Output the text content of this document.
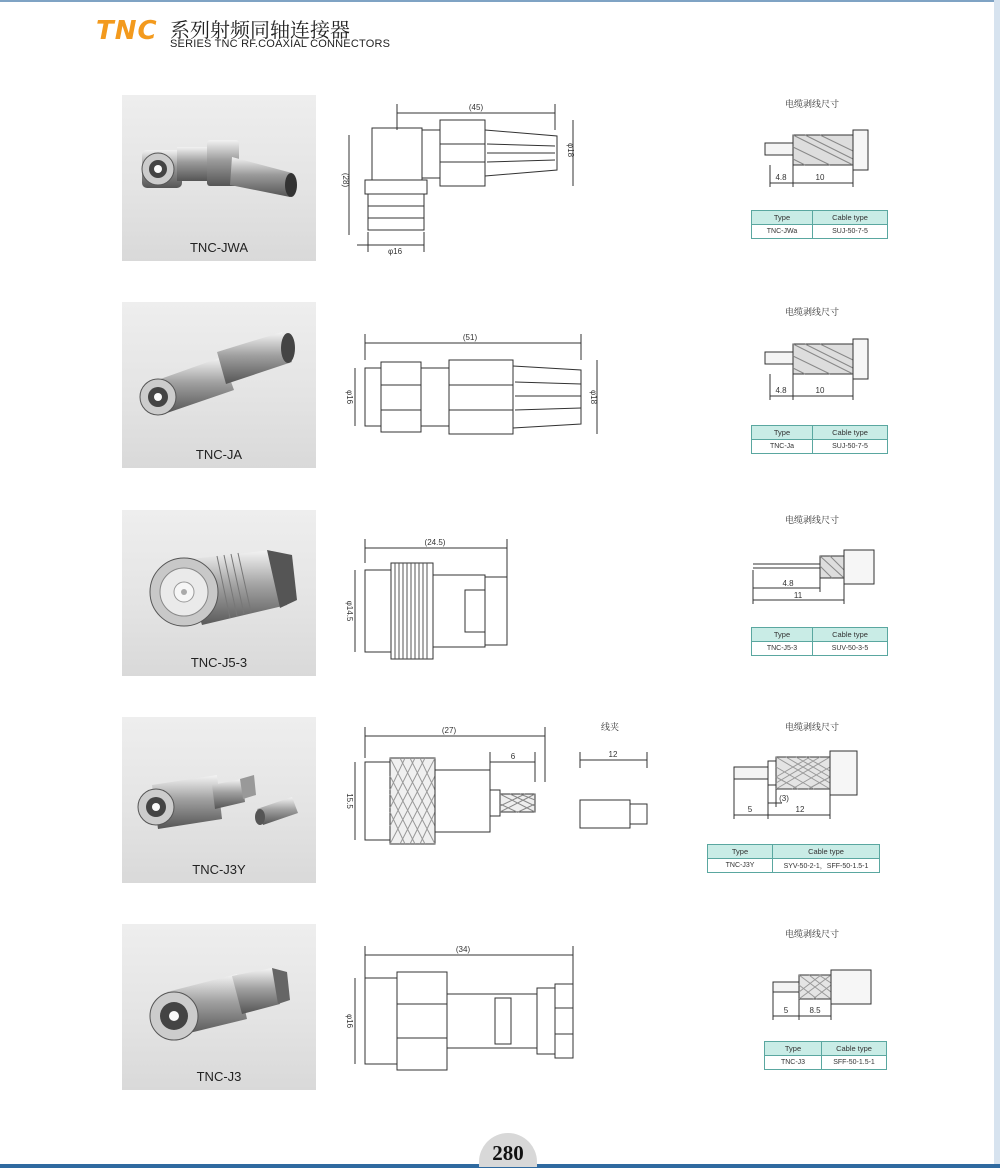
TNC 系列射频同轴连接器
SERIES TNC RF.COAXIAL CONNECTORS
TNC-JWA
(45)
(28)
φ18
φ16
电缆剥线尺寸
4.8	10
Type	Cable type
TNC-JWa	SUJ-50-7-5
TNC-JA
(51)
φ16	φ18
电缆剥线尺寸
4.8	10
Type	Cable type
TNC-Ja	SUJ-50-7-5
TNC-J5-3
(24.5)
φ14.5
电缆剥线尺寸
4.8
11
Type	Cable type
TNC-J5-3	SUV-50-3-5
TNC-J3Y
(27)
15.5
6	12
线夹	电缆剥线尺寸
5	12
(3)
Type	Cable type
TNC-J3Y	SYV-50-2-1，SFF-50-1.5-1
TNC-J3
(34)
φ16
电缆剥线尺寸
5	8.5
Type	Cable type
TNC-J3	SFF-50-1.5-1
280
